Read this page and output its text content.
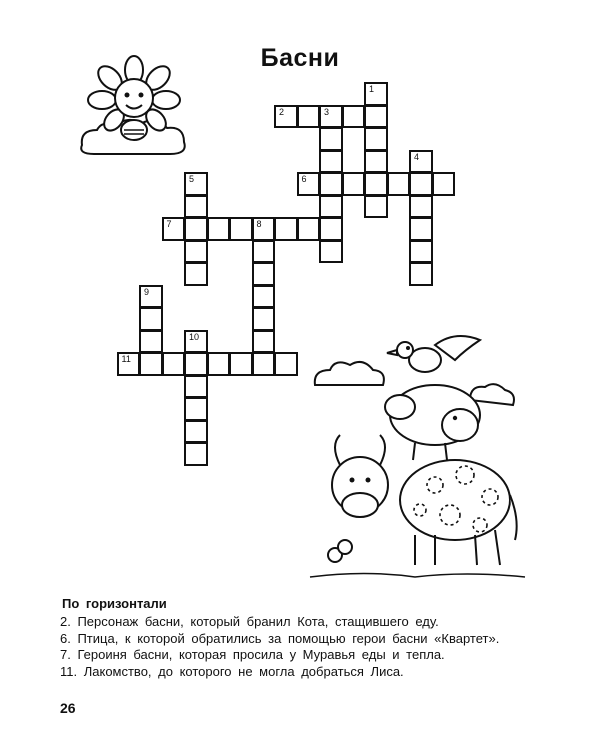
Басни
1
2	3
4
5	6
7	8
9
10
11
По горизонтали
2. Персонаж басни, который бранил Кота, стащившего еду.
6. Птица, к которой обратились за помощью герои басни «Квартет».
7. Героиня басни, которая просила у Муравья еды и тепла.
11. Лакомство, до которого не могла добраться Лиса.
26
